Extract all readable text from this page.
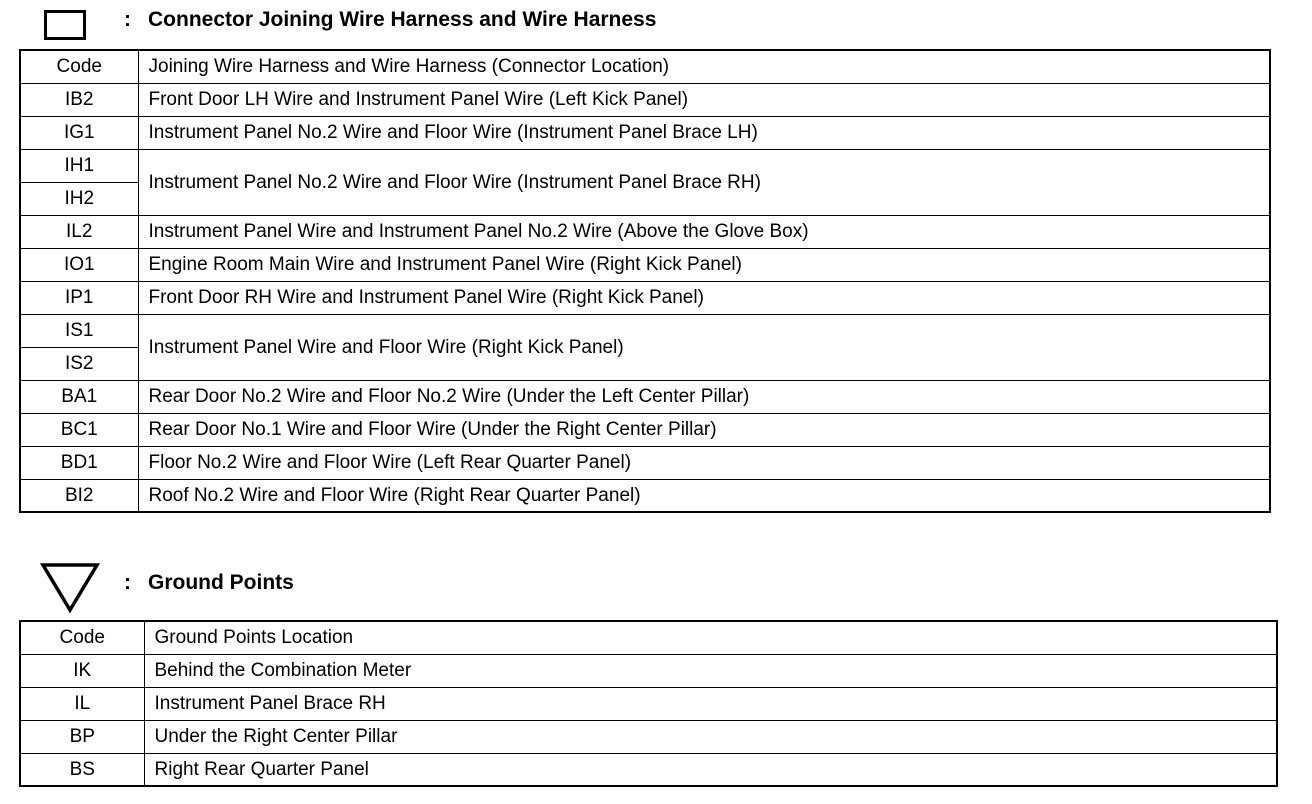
: Connector Joining Wire Harness and Wire Harness
Code	Joining Wire Harness and Wire Harness (Connector Location)
IB2	Front Door LH Wire and Instrument Panel Wire (Left Kick Panel)
IG1	Instrument Panel No.2 Wire and Floor Wire (Instrument Panel Brace LH)
IH1	Instrument Panel No.2 Wire and Floor Wire (Instrument Panel Brace RH)
IH2	
IL2	Instrument Panel Wire and Instrument Panel No.2 Wire (Above the Glove Box)
IO1	Engine Room Main Wire and Instrument Panel Wire (Right Kick Panel)
IP1	Front Door RH Wire and Instrument Panel Wire (Right Kick Panel)
IS1	Instrument Panel Wire and Floor Wire (Right Kick Panel)
IS2	
BA1	Rear Door No.2 Wire and Floor No.2 Wire (Under the Left Center Pillar)
BC1	Rear Door No.1 Wire and Floor Wire (Under the Right Center Pillar)
BD1	Floor No.2 Wire and Floor Wire (Left Rear Quarter Panel)
BI2	Roof No.2 Wire and Floor Wire (Right Rear Quarter Panel)
: Ground Points
Code	Ground Points Location
IK	Behind the Combination Meter
IL	Instrument Panel Brace RH
BP	Under the Right Center Pillar
BS	Right Rear Quarter Panel
